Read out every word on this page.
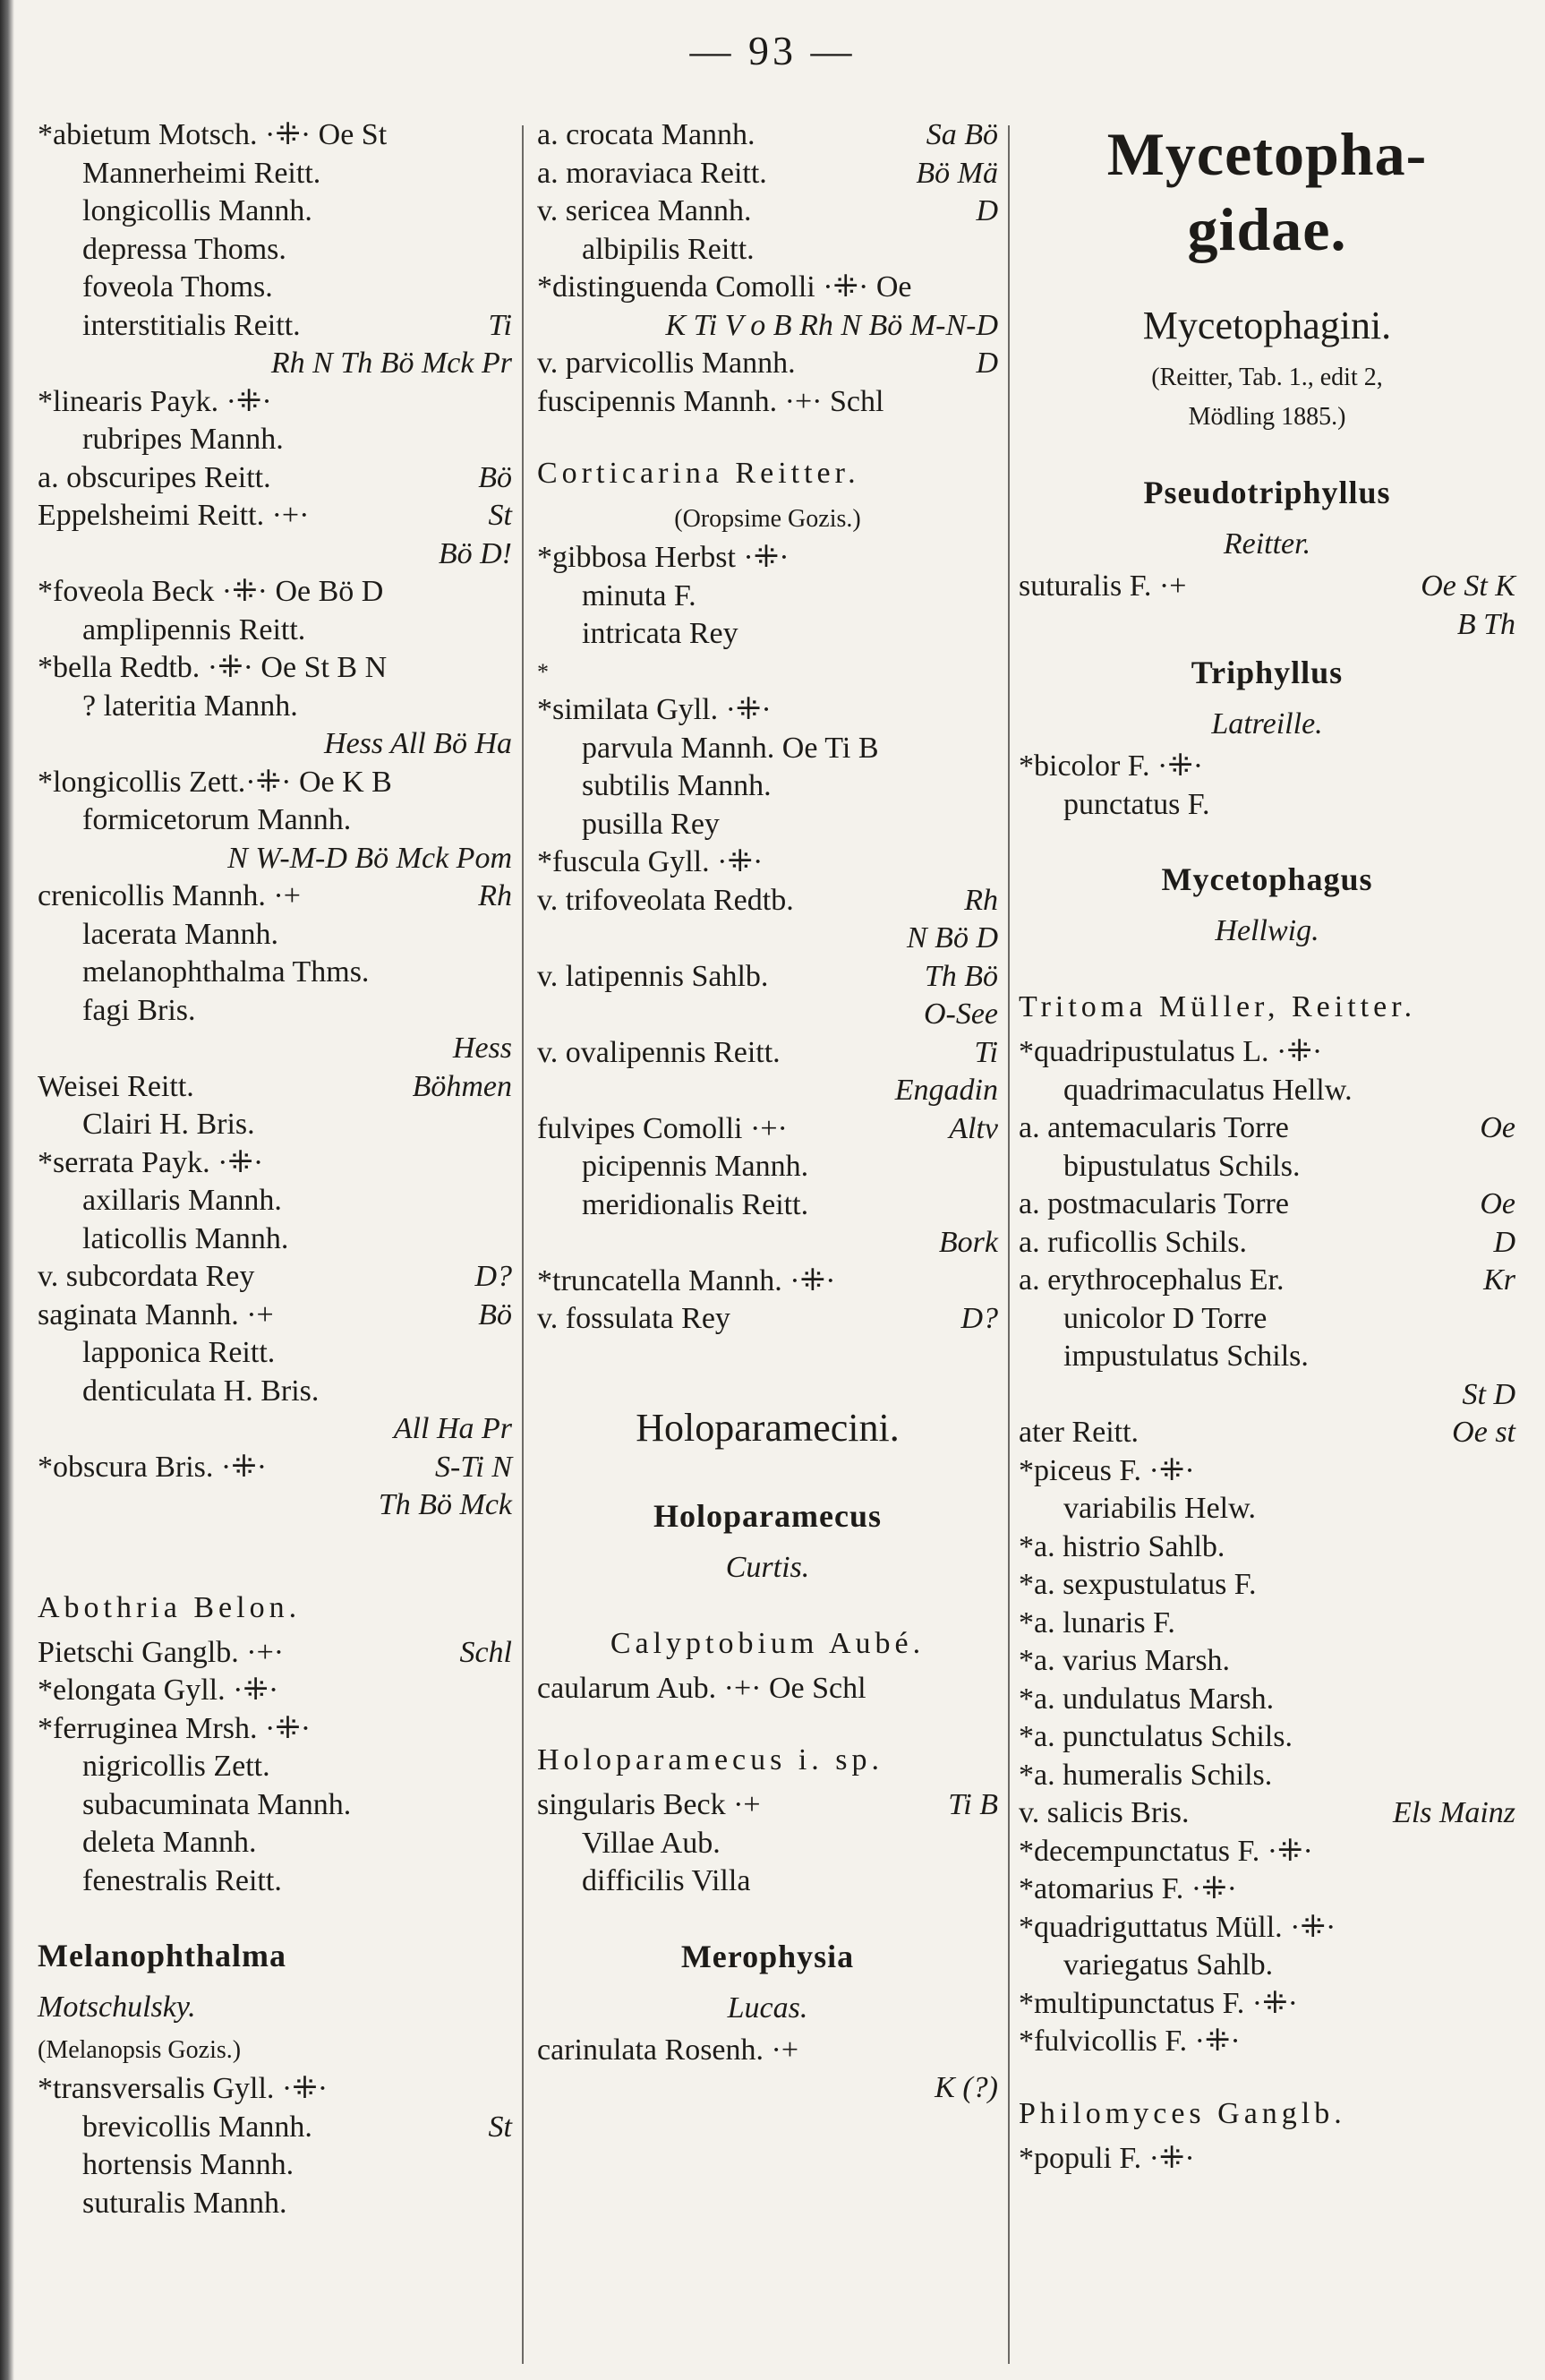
— 93 —
*abietum Motsch. ·⁜· Oe St
Mannerheimi Reitt.
longicollis Mannh.
depressa Thoms.
foveola Thoms.
interstitialis Reitt.	Ti
Rh N Th Bö Mck Pr
*linearis Payk. ·⁜·
rubripes Mannh.
a. obscuripes Reitt.	Bö
Eppelsheimi Reitt. ·+·	St
Bö D!
*foveola Beck ·⁜· Oe Bö D
amplipennis Reitt.
*bella Redtb. ·⁜· Oe St B N
? lateritia Mannh.
Hess All Bö Ha
*longicollis Zett.·⁜· Oe K B
formicetorum Mannh.
N W-M-D Bö Mck Pom
crenicollis Mannh. ·+	Rh
lacerata Mannh.
melanophthalma Thms.
fagi Bris.
Hess
Weisei Reitt.	Böhmen
Clairi H. Bris.
*serrata Payk. ·⁜·
axillaris Mannh.
laticollis Mannh.
v. subcordata Rey	D?
saginata Mannh. ·+	Bö
lapponica Reitt.
denticulata H. Bris.
All Ha Pr
*obscura Bris. ·⁜·	S-Ti N
Th Bö Mck
Abothria Belon.
Pietschi Ganglb. ·+·	Schl
*elongata Gyll. ·⁜·
*ferruginea Mrsh. ·⁜·
nigricollis Zett.
subacuminata Mannh.
deleta Mannh.
fenestralis Reitt.
Melanophthalma
Motschulsky.
(Melanopsis Gozis.)
*transversalis Gyll. ·⁜·
brevicollis Mannh.	St
hortensis Mannh.
suturalis Mannh.
a. crocata Mannh.	Sa Bö
a. moraviaca Reitt.	Bö Mä
v. sericea Mannh.	D
albipilis Reitt.
*distinguenda Comolli ·⁜· Oe
K Ti V o B Rh N Bö M-N-D
v. parvicollis Mannh.	D
fuscipennis Mannh. ·+· Schl
Corticarina Reitter.
(Oropsime Gozis.)
*gibbosa Herbst ·⁜·
minuta F.
intricata Rey
*
*similata Gyll. ·⁜·
parvula Mannh. Oe Ti B
subtilis Mannh.
pusilla Rey
*fuscula Gyll. ·⁜·
v. trifoveolata Redtb.	Rh
N Bö D
v. latipennis Sahlb.	Th Bö
O-See
v. ovalipennis Reitt.	Ti
Engadin
fulvipes Comolli ·+·	Altv
picipennis Mannh.
meridionalis Reitt.
Bork
*truncatella Mannh. ·⁜·
v. fossulata Rey	D?
Holoparamecini.
Holoparamecus
Curtis.
Calyptobium Aubé.
caularum Aub. ·+· Oe Schl
Holoparamecus i. sp.
singularis Beck ·+	Ti B
Villae Aub.
difficilis Villa
Merophysia
Lucas.
carinulata Rosenh. ·+
K (?)
Mycetopha-
gidae.
Mycetophagini.
(Reitter, Tab. 1., edit 2,
Mödling 1885.)
Pseudotriphyllus
Reitter.
suturalis F. ·+	Oe St K
B Th
Triphyllus
Latreille.
*bicolor F. ·⁜·
punctatus F.
Mycetophagus
Hellwig.
Tritoma Müller, Reitter.
*quadripustulatus L. ·⁜·
quadrimaculatus Hellw.
a. antemacularis Torre	Oe
bipustulatus Schils.
a. postmacularis Torre	Oe
a. ruficollis Schils.	D
a. erythrocephalus Er.	Kr
unicolor D Torre
impustulatus Schils.
St D
ater Reitt.	Oe st
*piceus F. ·⁜·
variabilis Helw.
*a. histrio Sahlb.
*a. sexpustulatus F.
*a. lunaris F.
*a. varius Marsh.
*a. undulatus Marsh.
*a. punctulatus Schils.
*a. humeralis Schils.
v. salicis Bris.	Els Mainz
*decempunctatus F. ·⁜·
*atomarius F. ·⁜·
*quadriguttatus Müll. ·⁜·
variegatus Sahlb.
*multipunctatus F. ·⁜·
*fulvicollis F. ·⁜·
Philomyces Ganglb.
*populi F. ·⁜·
